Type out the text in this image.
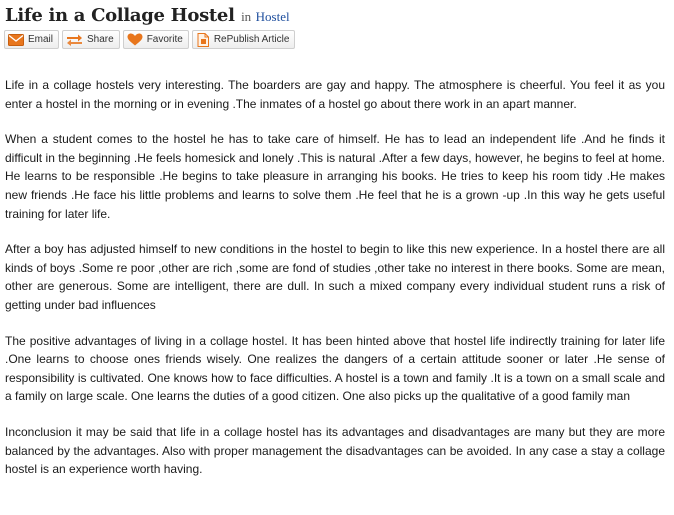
Life in a Collage Hostel in Hostel
Email	Share	Favorite	RePublish Article

Life in a collage hostels very interesting. The boarders are gay and happy. The atmosphere is cheerful. You feel it as you enter a hostel in the morning or in evening .The inmates of a hostel go about there work in an apart manner.

When a student comes to the hostel he has to take care of himself. He has to lead an independent life .And he finds it difficult in the beginning .He feels homesick and lonely .This is natural .After a few days, however, he begins to feel at home. He learns to be responsible .He begins to take pleasure in arranging his books. He tries to keep his room tidy .He makes new friends .He face his little problems and learns to solve them .He feel that he is a grown -up .In this way he gets useful training for later life.

After a boy has adjusted himself to new conditions in the hostel to begin to like this new experience. In a hostel there are all kinds of boys .Some re poor ,other are rich ,some are fond of studies ,other take no interest in there books. Some are mean, other are generous. Some are intelligent, there are dull. In such a mixed company every individual student runs a risk of getting under bad influences

The positive advantages of living in a collage hostel. It has been hinted above that hostel life indirectly training for later life .One learns to choose ones friends wisely. One realizes the dangers of a certain attitude sooner or later .He sense of responsibility is cultivated. One knows how to face difficulties. A hostel is a town and family .It is a town on a small scale and a family on large scale. One learns the duties of a good citizen. One also picks up the qualitative of a good family man

Inconclusion it may be said that life in a collage hostel has its advantages and disadvantages are many but they are more balanced by the advantages. Also with proper management the disadvantages can be avoided. In any case a stay a collage hostel is an experience worth having.
